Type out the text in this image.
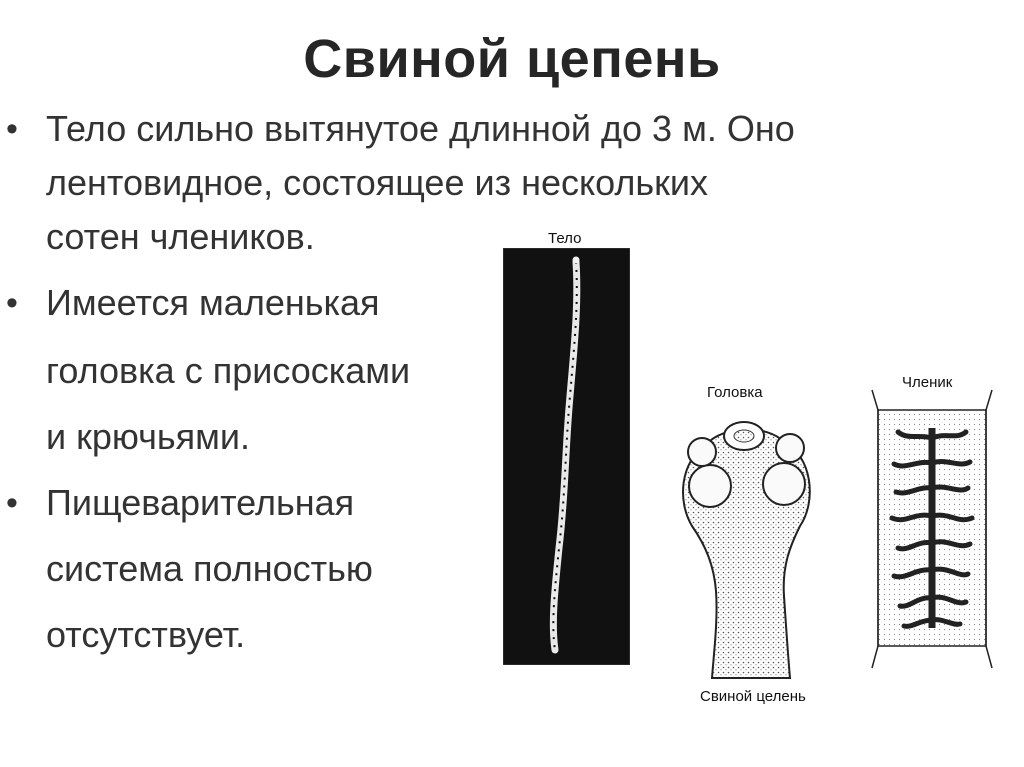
Свиной цепень
• Тело сильно вытянутое длинной до 3 м. Оно
лентовидное, состоящее из нескольких
сотен члеников.
• Имеется маленькая
головка с присосками
и крючьями.
• Пищеварительная
система полностью
отсутствует.
Тело
Головка
Членик
Свиной целень
